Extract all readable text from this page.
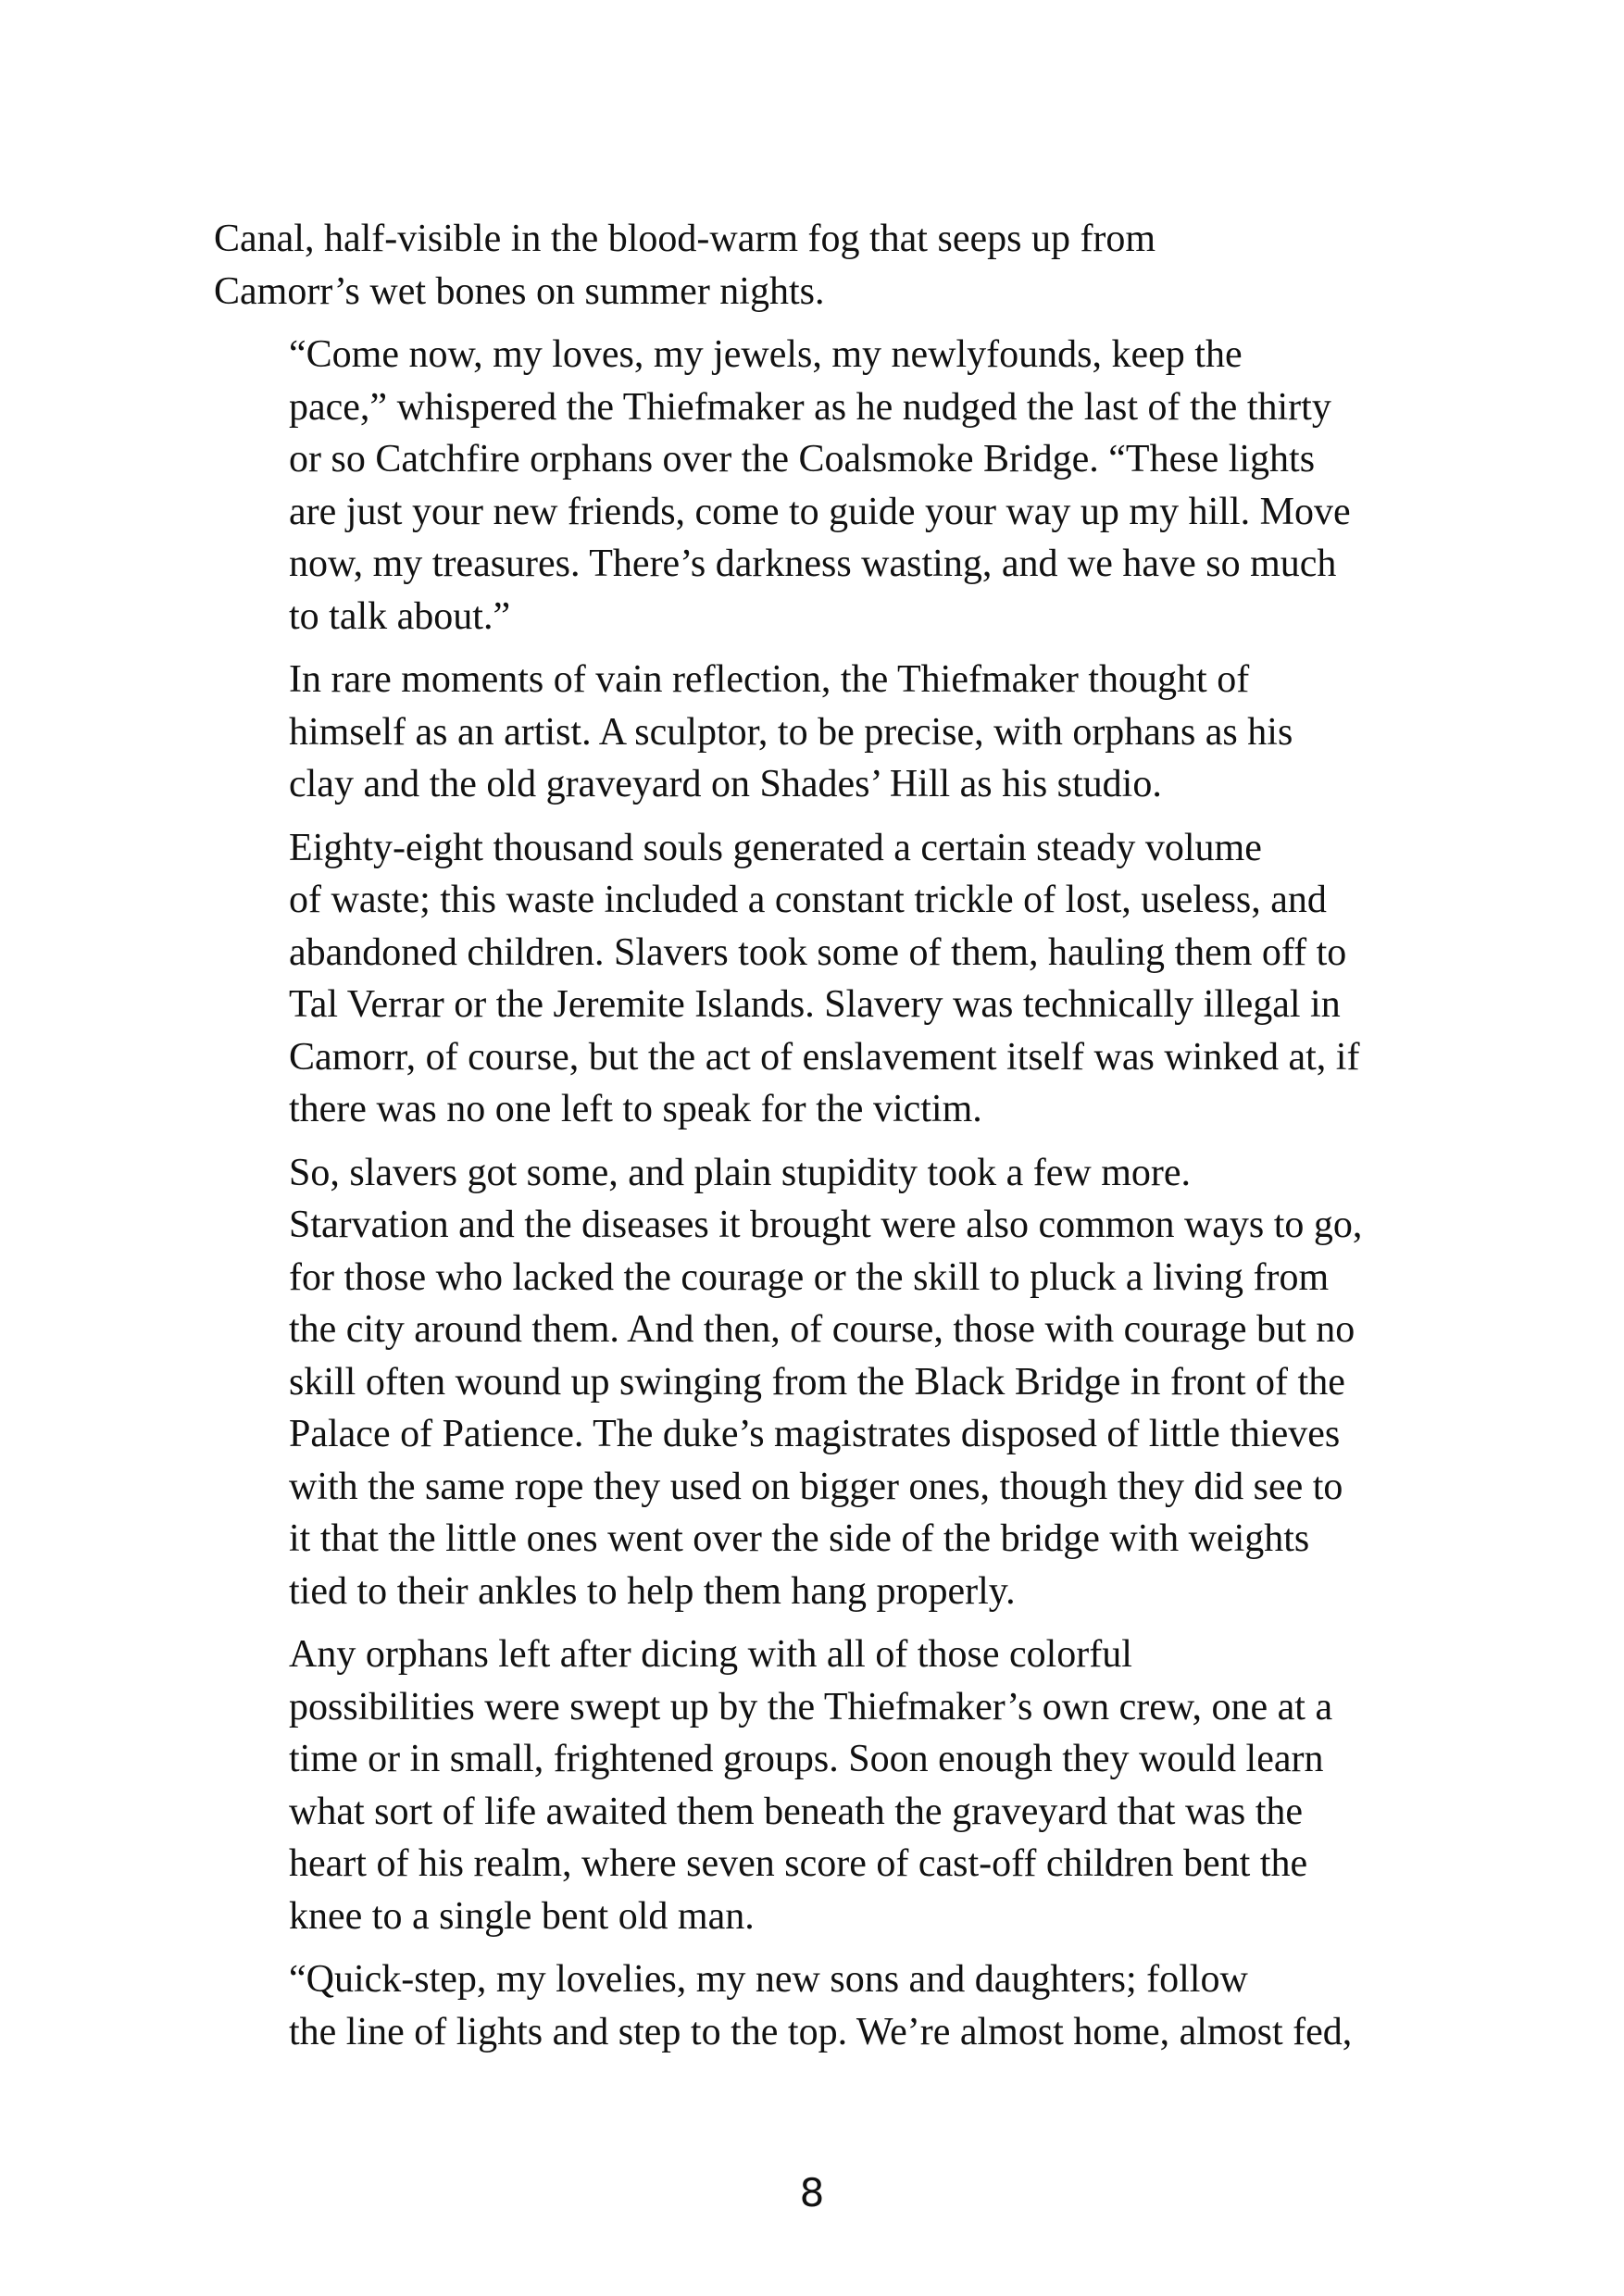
Canal, half-visible in the blood-warm fog that seeps up from
Camorr’s wet bones on summer nights.

“Come now, my loves, my jewels, my newlyfounds, keep the
pace,” whispered the Thiefmaker as he nudged the last of the thirty
or so Catchfire orphans over the Coalsmoke Bridge. “These lights
are just your new friends, come to guide your way up my hill. Move
now, my treasures. There’s darkness wasting, and we have so much
to talk about.”

In rare moments of vain reflection, the Thiefmaker thought of
himself as an artist. A sculptor, to be precise, with orphans as his
clay and the old graveyard on Shades’ Hill as his studio.

Eighty-eight thousand souls generated a certain steady volume
of waste; this waste included a constant trickle of lost, useless, and
abandoned children. Slavers took some of them, hauling them off to
Tal Verrar or the Jeremite Islands. Slavery was technically illegal in
Camorr, of course, but the act of enslavement itself was winked at, if
there was no one left to speak for the victim.

So, slavers got some, and plain stupidity took a few more.
Starvation and the diseases it brought were also common ways to go,
for those who lacked the courage or the skill to pluck a living from
the city around them. And then, of course, those with courage but no
skill often wound up swinging from the Black Bridge in front of the
Palace of Patience. The duke’s magistrates disposed of little thieves
with the same rope they used on bigger ones, though they did see to
it that the little ones went over the side of the bridge with weights
tied to their ankles to help them hang properly.

Any orphans left after dicing with all of those colorful
possibilities were swept up by the Thiefmaker’s own crew, one at a
time or in small, frightened groups. Soon enough they would learn
what sort of life awaited them beneath the graveyard that was the
heart of his realm, where seven score of cast-off children bent the
knee to a single bent old man.

“Quick-step, my lovelies, my new sons and daughters; follow
the line of lights and step to the top. We’re almost home, almost fed,

8
